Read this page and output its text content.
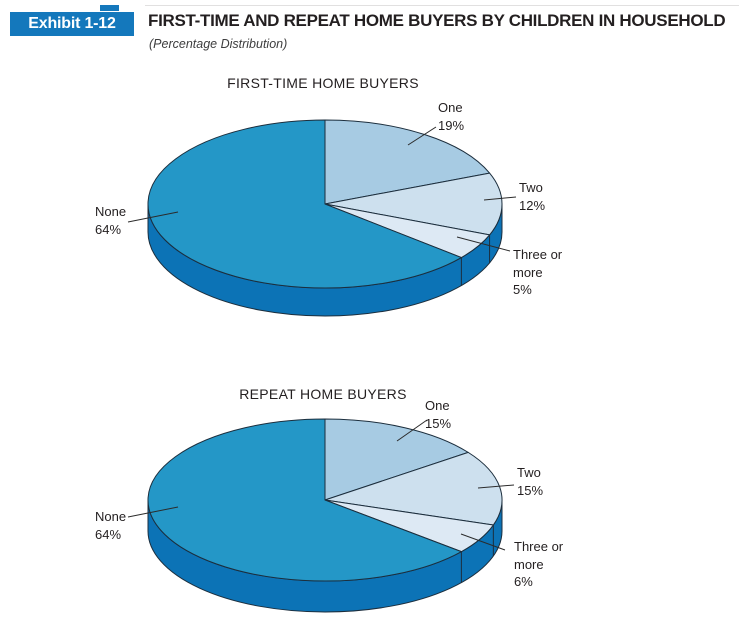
Exhibit 1-12	FIRST-TIME AND REPEAT HOME BUYERS BY CHILDREN IN HOUSEHOLD
(Percentage Distribution)
FIRST-TIME HOME BUYERS
REPEAT HOME BUYERS
One
19%
Two
12%
Three or more
5%
None
64%
One
15%
Two
15%
Three or more
6%
None
64%
